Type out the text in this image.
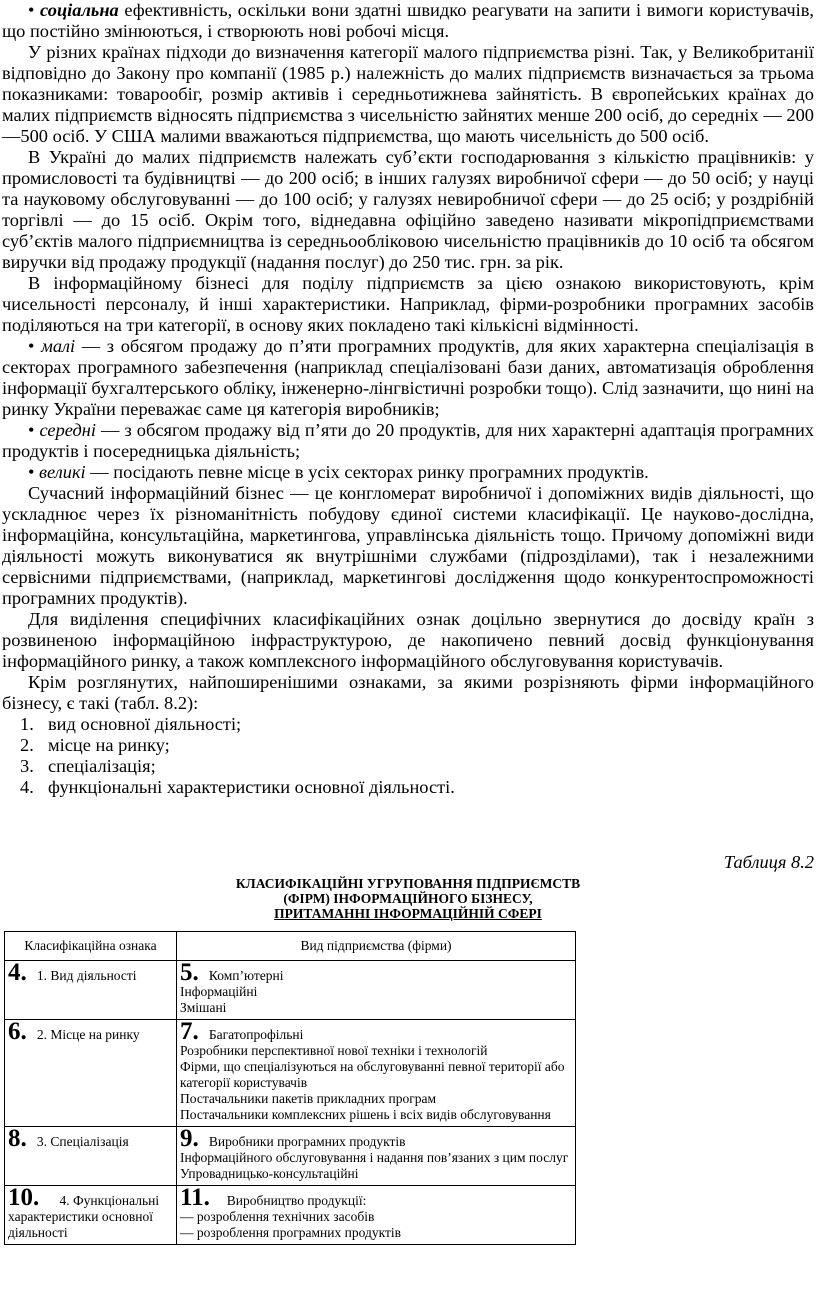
• соціальна ефективність, оскільки вони здатні швидко реагувати на запити і вимоги користувачів, що постійно змінюються, і створюють нові робочі місця.

У різних країнах підходи до визначення категорії малого підприємства різні. Так, у Великобританії відповідно до Закону про компанії (1985 р.) належність до малих підприємств визначається за трьома показниками: товарообіг, розмір активів і середньотижнева зайнятість. В європейських країнах до малих підприємств відносять підприємства з чисельністю зайнятих менше 200 осіб, до середніх — 200—500 осіб. У США малими вважаються підприємства, що мають чисельність до 500 осіб.

В Україні до малих підприємств належать суб’єкти господарювання з кількістю працівників: у промисловості та будівництві — до 200 осіб; в інших галузях виробничої сфери — до 50 осіб; у науці та науковому обслуговуванні — до 100 осіб; у галузях невиробничої сфери — до 25 осіб; у роздрібній торгівлі — до 15 осіб. Окрім того, віднедавна офіційно заведено називати мікропідприємствами суб’єктів малого підприємництва із середньообліковою чисельністю працівників до 10 осіб та обсягом виручки від продажу продукції (надання послуг) до 250 тис. грн. за рік.

В інформаційному бізнесі для поділу підприємств за цією ознакою використовують, крім чисельності персоналу, й інші характеристики. Наприклад, фірми-розробники програмних засобів поділяються на три категорії, в основу яких покладено такі кількісні відмінності.

• малі — з обсягом продажу до п’яти програмних продуктів, для яких характерна спеціалізація в секторах програмного забезпечення (наприклад спеціалізовані бази даних, автоматизація оброблення інформації бухгалтерського обліку, інженерно-лінгвістичні розробки тощо). Слід зазначити, що нині на ринку України переважає саме ця категорія виробників;

• середні — з обсягом продажу від п’яти до 20 продуктів, для них характерні адаптація програмних продуктів і посередницька діяльність;

• великі — посідають певне місце в усіх секторах ринку програмних продуктів.

Сучасний інформаційний бізнес — це конгломерат виробничої і допоміжних видів діяльності, що ускладнює через їх різноманітність побудову єдиної системи класифікації. Це науково-дослідна, інформаційна, консультаційна, маркетингова, управлінська діяльність тощо. Причому допоміжні види діяльності можуть виконуватися як внутрішніми службами (підрозділами), так і незалежними сервісними підприємствами, (наприклад, маркетингові дослідження щодо конкурентоспроможності програмних продуктів).

Для виділення специфічних класифікаційних ознак доцільно звернутися до досвіду країн з розвиненою інформаційною інфраструктурою, де накопичено певний досвід функціонування інформаційного ринку, а також комплексного інформаційного обслуговування користувачів.

Крім розглянутих, найпоширенішими ознаками, за якими розрізняють фірми інформаційного бізнесу, є такі (табл. 8.2):

1. вид основної діяльності;
2. місце на ринку;
3. спеціалізація;
4. функціональні характеристики основної діяльності.
Таблиця 8.2
КЛАСИФІКАЦІЙНІ УГРУПОВАННЯ ПІДПРИЄМСТВ
(ФІРМ) ІНФОРМАЦІЙНОГО БІЗНЕСУ,
ПРИТАМАННІ ІНФОРМАЦІЙНІЙ СФЕРІ
Класифікаційна ознака	Вид підприємства (фірми)
4. 1. Вид діяльності	5. Комп’ютерні
Інформаційні
Змішані

6. 2. Місце на ринку	7. Багатопрофільні
Розробники перспективної нової техніки і технологій
Фірми, що спеціалізуються на обслуговуванні певної території або категорії користувачів
Постачальники пакетів прикладних програм
Постачальники комплексних рішень і всіх видів обслуговування

8. 3. Спеціалізація	9. Виробники програмних продуктів
Інформаційного обслуговування і надання пов’язаних з цим послуг
Упровадницько-консультаційні

10. 4. Функціональні характеристики основної діяльності	11. Виробництво продукції:
— розроблення технічних засобів
— розроблення програмних продуктів
